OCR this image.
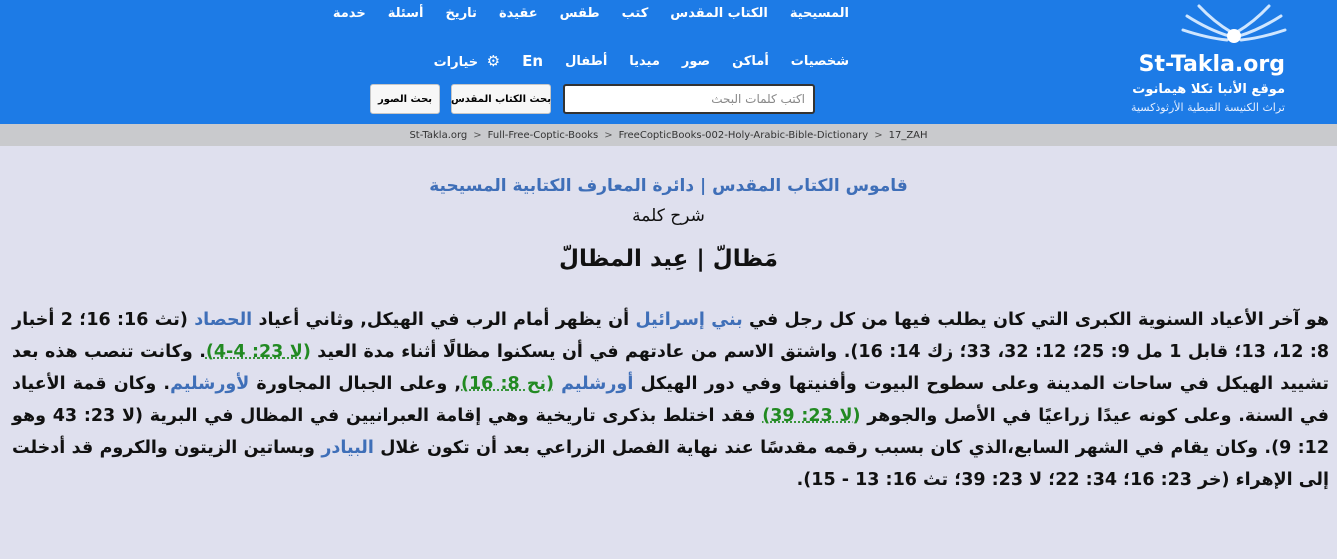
St-Takla.org
موقع الأنبا تكلا هيمانوت
تراث الكنيسة القبطية الأرثوذكسية
المسيحية
الكتاب المقدس
كتب
طقس
عقيدة
تاريخ
أسئلة
خدمة
شخصيات
أماكن
صور
ميديا
أطفال
En
خيارات ⚙
اكتب كلمات البحث
بحث الكتاب المقدس
بحث الصور
St-Takla.org > Full-Free-Coptic-Books > FreeCopticBooks-002-Holy-Arabic-Bible-Dictionary > 17_ZAH
قاموس الكتاب المقدس | دائرة المعارف الكتابية المسيحية
شرح كلمة
مَظالّ | عِيد المظالّ
هو آخر الأعياد السنوية الكبرى التي كان يطلب فيها من كل رجل في بني إسرائيل أن يظهر أمام الرب في الهيكل, وثاني أعياد الحصاد (تث 16: 16؛ 2 أخبار 8: 12، 13؛ قابل 1 مل 9: 25؛ 12: 32، 33؛ زك 14: 16). واشتق الاسم من عادتهم في أن يسكنوا مظالًا أثناء مدة العيد (لا 23: 4-4). وكانت تنصب هذه بعد تشييد الهيكل في ساحات المدينة وعلى سطوح البيوت وأفنيتها وفي دور الهيكل أورشليم (نح 8: 16), وعلى الجبال المجاورة لأورشليم. وكان قمة الأعياد في السنة. وعلى كونه عيدًا زراعيًا في الأصل والجوهر (لا 23: 39) فقد اختلط بذكرى تاريخية وهي إقامة العبرانيين في المظال في البرية (لا 23: 43 وهو 12: 9). وكان يقام في الشهر السابع،الذي كان بسبب رقمه مقدسًا عند نهاية الفصل الزراعي بعد أن تكون غلال البيادر وبساتين الزيتون والكروم قد أدخلت إلى الإهراء (خر 23: 16؛ 34: 22؛ لا 23: 39؛ تث 16: 13 - 15).
